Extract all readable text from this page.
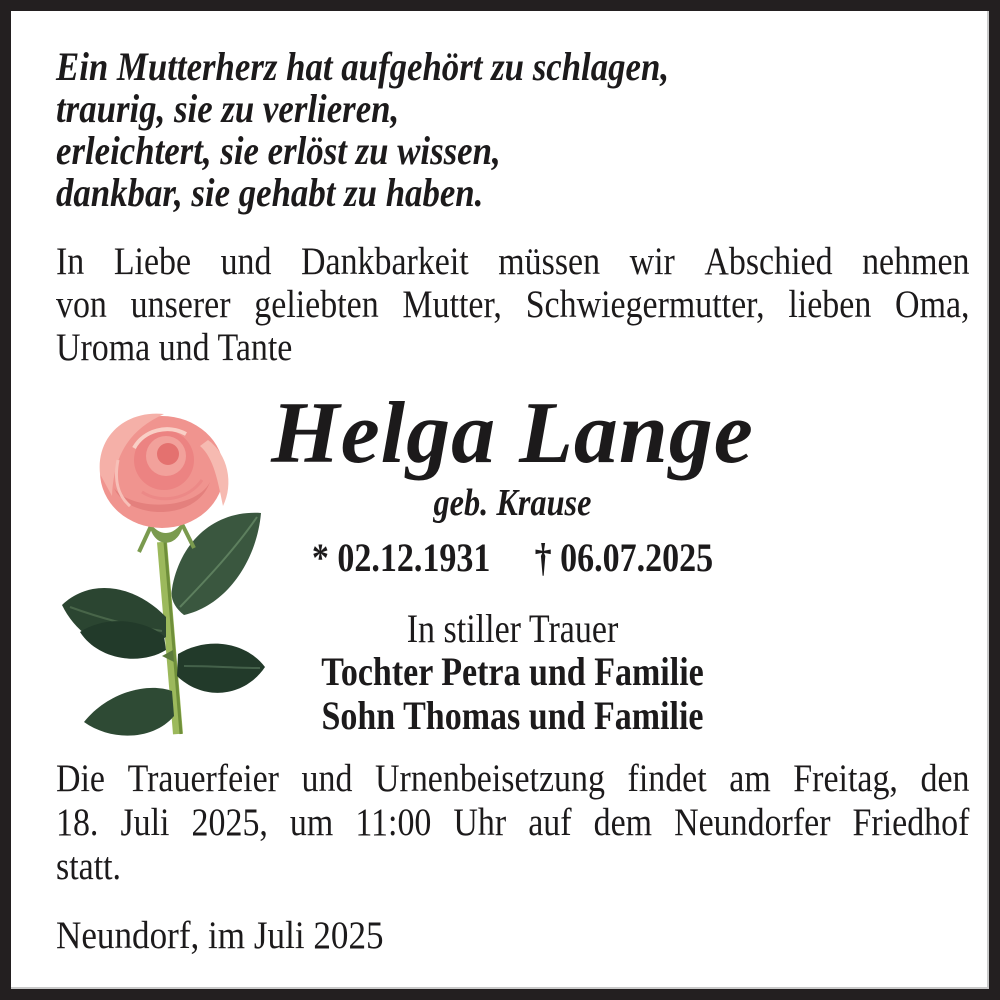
Ein Mutterherz hat aufgehört zu schlagen,
traurig, sie zu verlieren,
erleichtert, sie erlöst zu wissen,
dankbar, sie gehabt zu haben.
In Liebe und Dankbarkeit müssen wir Abschied nehmen
von unserer geliebten Mutter, Schwiegermutter, lieben Oma,
Uroma und Tante
Helga Lange
geb. Krause
* 02.12.1931 † 06.07.2025
In stiller Trauer
Tochter Petra und Familie
Sohn Thomas und Familie
Die Trauerfeier und Urnenbeisetzung findet am Freitag, den
18. Juli 2025, um 11:00 Uhr auf dem Neundorfer Friedhof
statt.
Neundorf, im Juli 2025
